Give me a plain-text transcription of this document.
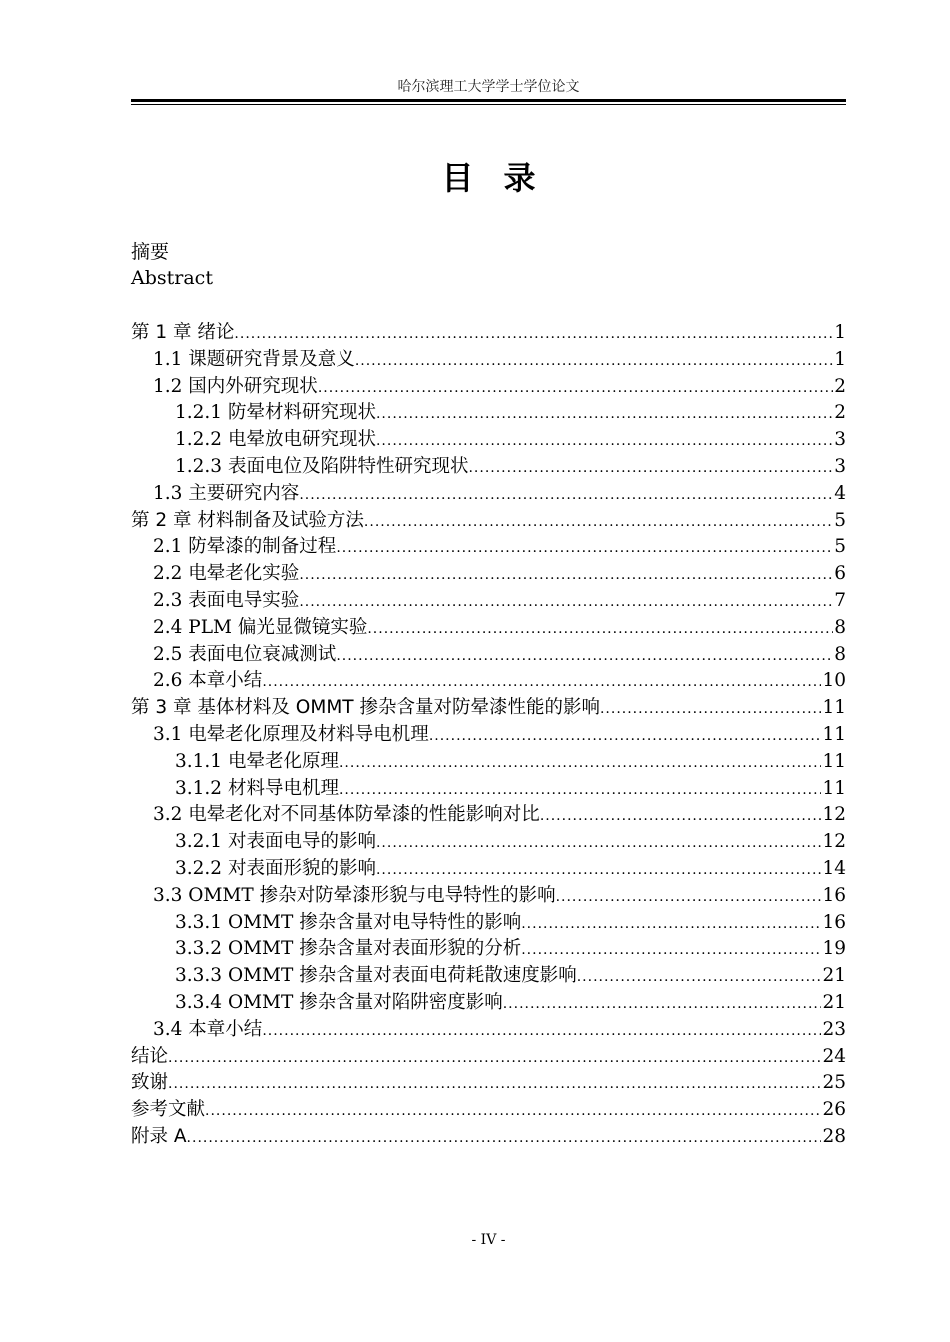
哈尔滨理工大学学士学位论文
目录
摘要
Abstract
第 1 章 绪论 .....	1
1.1 课题研究背景及意义 .....	1
1.2 国内外研究现状 .....	2
1.2.1 防晕材料研究现状 .....	2
1.2.2 电晕放电研究现状 .....	3
1.2.3 表面电位及陷阱特性研究现状 .....	3
1.3 主要研究内容 .....	4
第 2 章 材料制备及试验方法 .....	5
2.1 防晕漆的制备过程 .....	5
2.2 电晕老化实验 .....	6
2.3 表面电导实验 .....	7
2.4 PLM 偏光显微镜实验 .....	8
2.5 表面电位衰减测试 .....	8
2.6 本章小结 .....	10
第 3 章 基体材料及 OMMT 掺杂含量对防晕漆性能的影响 .....	11
3.1 电晕老化原理及材料导电机理 .....	11
3.1.1 电晕老化原理 .....	11
3.1.2 材料导电机理 .....	11
3.2 电晕老化对不同基体防晕漆的性能影响对比 .....	12
3.2.1 对表面电导的影响 .....	12
3.2.2 对表面形貌的影响 .....	14
3.3 OMMT 掺杂对防晕漆形貌与电导特性的影响 .....	16
3.3.1 OMMT 掺杂含量对电导特性的影响 .....	16
3.3.2 OMMT 掺杂含量对表面形貌的分析 .....	19
3.3.3 OMMT 掺杂含量对表面电荷耗散速度影响 .....	21
3.3.4 OMMT 掺杂含量对陷阱密度影响 .....	21
3.4 本章小结 .....	23
结论 .....	24
致谢 .....	25
参考文献 .....	26
附录 A .....	28
- IV -
